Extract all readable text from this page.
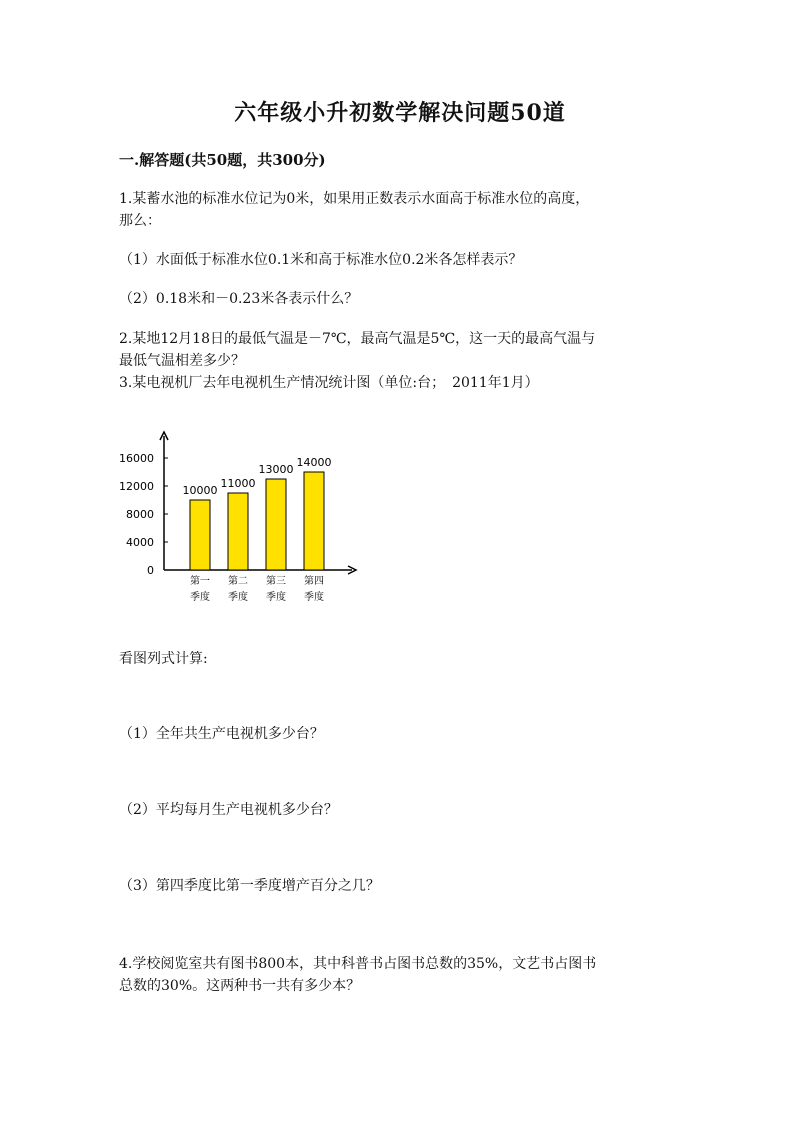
六年级小升初数学解决问题50道
一.解答题(共50题，共300分)
1.某蓄水池的标准水位记为0米，如果用正数表示水面高于标准水位的高度，
那么：
（1）水面低于标准水位0.1米和高于标准水位0.2米各怎样表示？
（2）0.18米和－0.23米各表示什么？
2.某地12月18日的最低气温是－7℃，最高气温是5℃，这一天的最高气温与
最低气温相差多少？
3.某电视机厂去年电视机生产情况统计图（单位:台；　2011年1月）
0
4000
8000
12000
16000
10000
第一
季度
11000
第二
季度
13000
第三
季度
14000
第四
季度
看图列式计算:
（1）全年共生产电视机多少台？
（2）平均每月生产电视机多少台？
（3）第四季度比第一季度增产百分之几？
4.学校阅览室共有图书800本，其中科普书占图书总数的35%，文艺书占图书
总数的30%。这两种书一共有多少本？
